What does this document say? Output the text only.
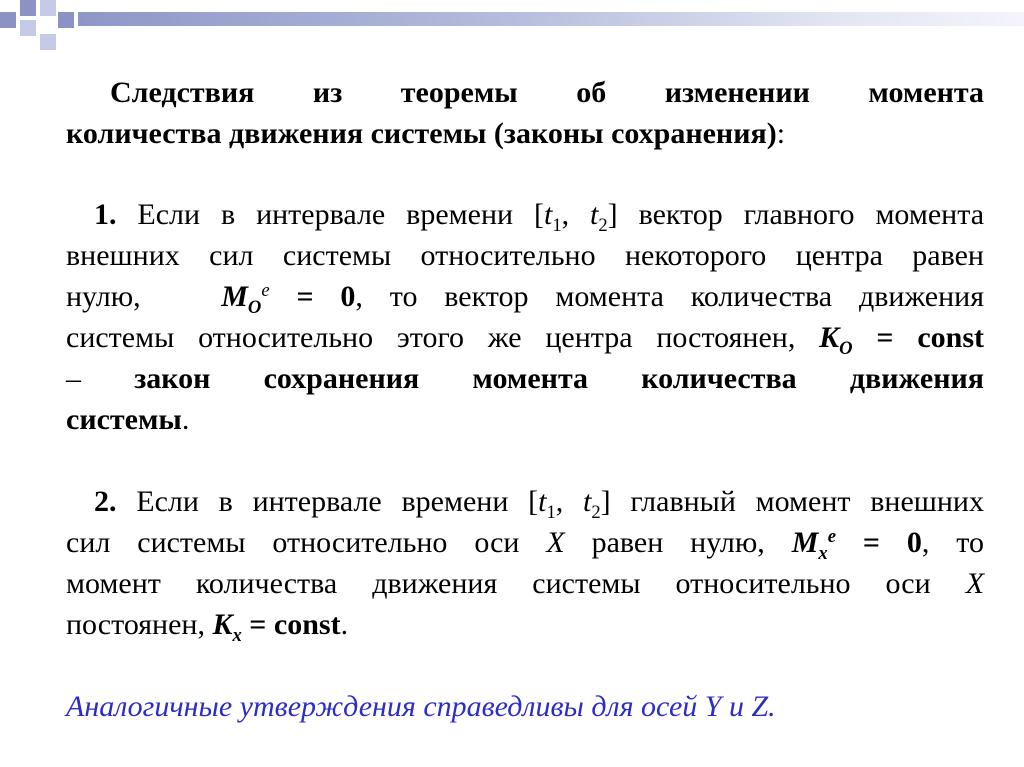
Следствия из теоремы об изменении момента

количества движения системы (законы сохранения):

1. Если в интервале времени [$t_1$, $t_2$] вектор главного момента

внешних сил системы относительно некоторого центра равен

нулю,	$M_O^e = 0$, то вектор момента количества движения

системы относительно этого же центра постоянен, $K_O$ = const

– закон сохранения момента количества движения

системы.

2. Если в интервале времени [$t_1$, $t_2$] главный момент внешних

сил системы относительно оси X равен нулю, $M_x^e = 0$, то

момент количества движения системы относительно оси X

постоянен, $K_x$ = const.

Аналогичные утверждения справедливы для осей Y и Z.
